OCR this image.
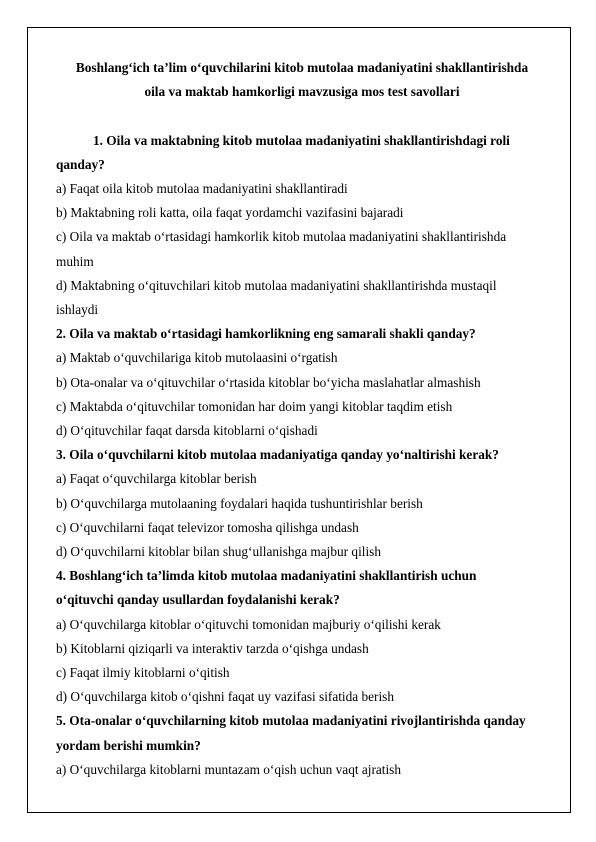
Boshlang‘ich ta’lim o‘quvchilarini kitob mutolaa madaniyatini shakllantirishda

oila va maktab hamkorligi mavzusiga mos test savollari

1. Oila va maktabning kitob mutolaa madaniyatini shakllantirishdagi roli

qanday?

a) Faqat oila kitob mutolaa madaniyatini shakllantiradi

b) Maktabning roli katta, oila faqat yordamchi vazifasini bajaradi

c) Oila va maktab o‘rtasidagi hamkorlik kitob mutolaa madaniyatini shakllantirishda

muhim

d) Maktabning o‘qituvchilari kitob mutolaa madaniyatini shakllantirishda mustaqil

ishlaydi

2. Oila va maktab o‘rtasidagi hamkorlikning eng samarali shakli qanday?

a) Maktab o‘quvchilariga kitob mutolaasini o‘rgatish

b) Ota-onalar va o‘qituvchilar o‘rtasida kitoblar bo‘yicha maslahatlar almashish

c) Maktabda o‘qituvchilar tomonidan har doim yangi kitoblar taqdim etish

d) O‘qituvchilar faqat darsda kitoblarni o‘qishadi

3. Oila o‘quvchilarni kitob mutolaa madaniyatiga qanday yo‘naltirishi kerak?

a) Faqat o‘quvchilarga kitoblar berish

b) O‘quvchilarga mutolaaning foydalari haqida tushuntirishlar berish

c) O‘quvchilarni faqat televizor tomosha qilishga undash

d) O‘quvchilarni kitoblar bilan shug‘ullanishga majbur qilish

4. Boshlang‘ich ta’limda kitob mutolaa madaniyatini shakllantirish uchun

o‘qituvchi qanday usullardan foydalanishi kerak?

a) O‘quvchilarga kitoblar o‘qituvchi tomonidan majburiy o‘qilishi kerak

b) Kitoblarni qiziqarli va interaktiv tarzda o‘qishga undash

c) Faqat ilmiy kitoblarni o‘qitish

d) O‘quvchilarga kitob o‘qishni faqat uy vazifasi sifatida berish

5. Ota-onalar o‘quvchilarning kitob mutolaa madaniyatini rivojlantirishda qanday

yordam berishi mumkin?

a) O‘quvchilarga kitoblarni muntazam o‘qish uchun vaqt ajratish
